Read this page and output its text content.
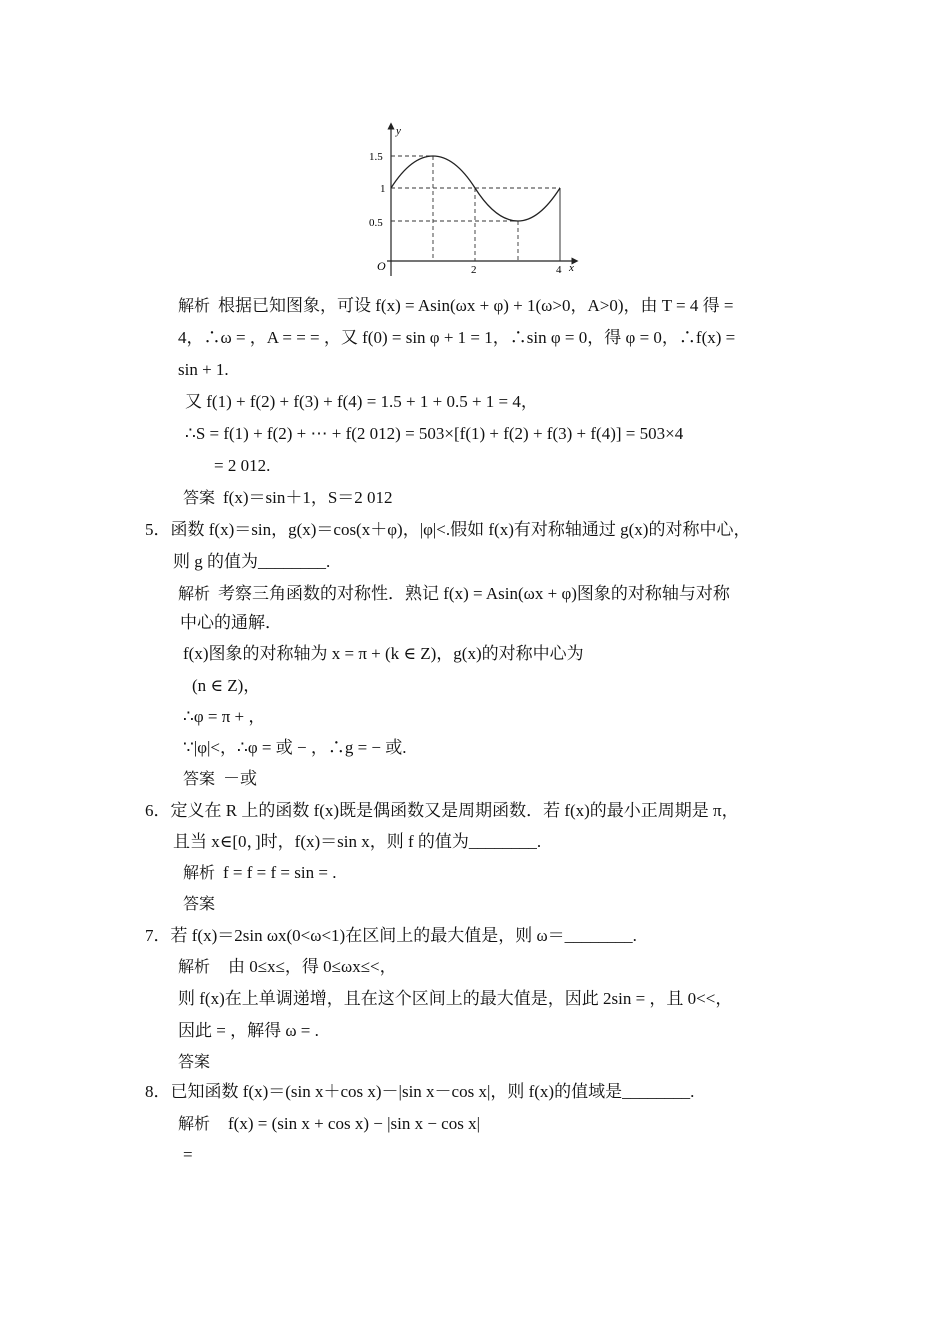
y
x
O
1.5
1
0.5
2	4
解析 根据已知图象，可设 f(x) = Asin(ωx + φ) + 1(ω>0，A>0)，由 T = 4 得 =
4，∴ω = ，A = = = ，又 f(0) = sin φ + 1 = 1，∴sin φ = 0，得 φ = 0，∴f(x) =
sin + 1.
又 f(1) + f(2) + f(3) + f(4) = 1.5 + 1 + 0.5 + 1 = 4，
∴S = f(1) + f(2) + ⋯ + f(2 012) = 503×[f(1) + f(2) + f(3) + f(4)] = 503×4
= 2 012.
答案 f(x)＝sin＋1，S＝2 012
5．函数 f(x)＝sin，g(x)＝cos(x＋φ)，|φ|<.假如 f(x)有对称轴通过 g(x)的对称中心，
则 g 的值为________.
解析 考察三角函数的对称性．熟记 f(x) = Asin(ωx + φ)图象的对称轴与对称
中心的通解．
f(x)图象的对称轴为 x = π + (k ∈ Z)，g(x)的对称中心为
(n ∈ Z)，
∴φ = π + ，
∵|φ|<，∴φ = 或 − ，∴g = − 或.
答案 －或
6．定义在 R 上的函数 f(x)既是偶函数又是周期函数．若 f(x)的最小正周期是 π，
且当 x∈[0，]时，f(x)＝sin x，则 f 的值为________.
解析 f = f = f = sin = .
答案
7．若 f(x)＝2sin ωx(0<ω<1)在区间上的最大值是，则 ω＝________.
解析 由 0≤x≤，得 0≤ωx≤<，
则 f(x)在上单调递增，且在这个区间上的最大值是，因此 2sin = ，且 0<<，
因此 = ，解得 ω = .
答案
8．已知函数 f(x)＝(sin x＋cos x)－|sin x－cos x|，则 f(x)的值域是________.
解析 f(x) = (sin x + cos x) − |sin x − cos x|
=
